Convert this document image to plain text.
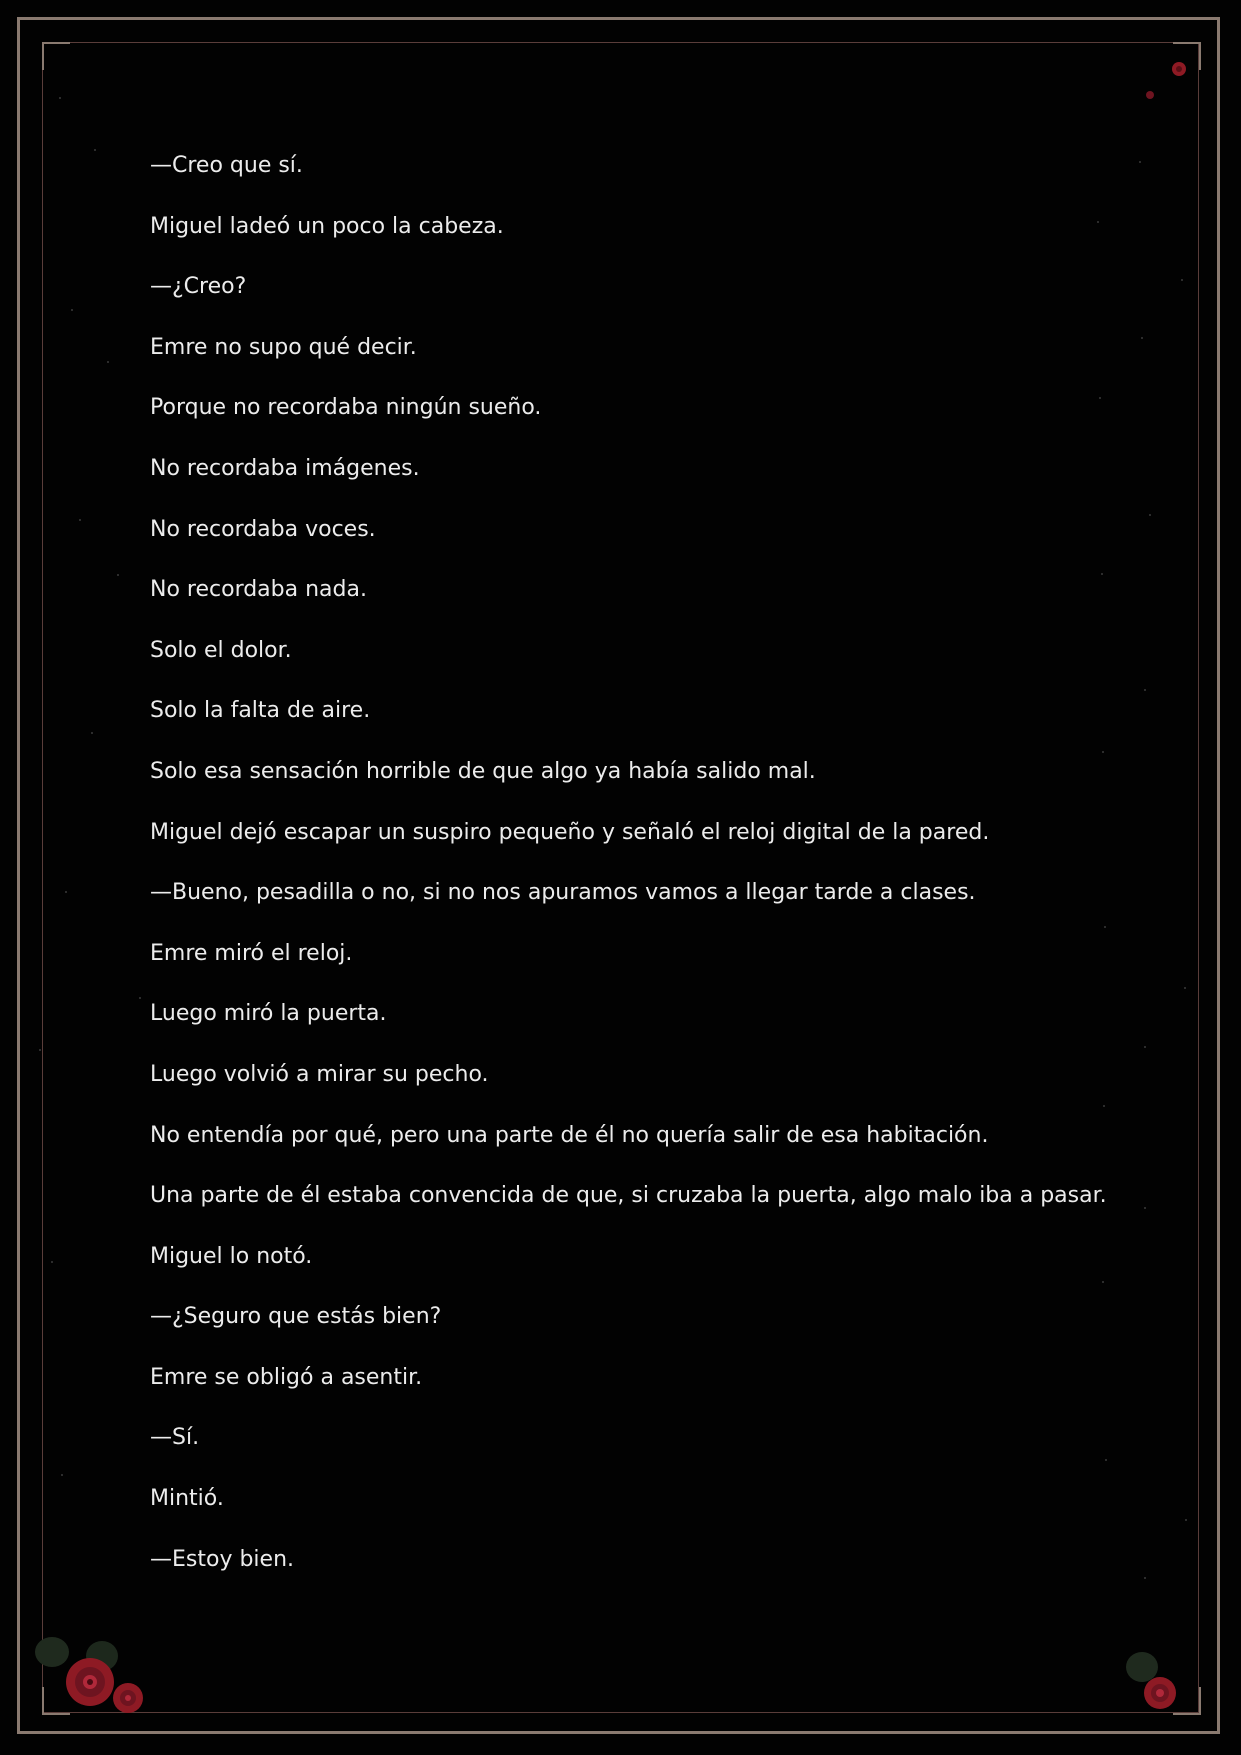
—Creo que sí.

Miguel ladeó un poco la cabeza.

—¿Creo?

Emre no supo qué decir.

Porque no recordaba ningún sueño.

No recordaba imágenes.

No recordaba voces.

No recordaba nada.

Solo el dolor.

Solo la falta de aire.

Solo esa sensación horrible de que algo ya había salido mal.

Miguel dejó escapar un suspiro pequeño y señaló el reloj digital de la pared.

—Bueno, pesadilla o no, si no nos apuramos vamos a llegar tarde a clases.

Emre miró el reloj.

Luego miró la puerta.

Luego volvió a mirar su pecho.

No entendía por qué, pero una parte de él no quería salir de esa habitación.

Una parte de él estaba convencida de que, si cruzaba la puerta, algo malo iba a pasar.

Miguel lo notó.

—¿Seguro que estás bien?

Emre se obligó a asentir.

—Sí.

Mintió.

—Estoy bien.
